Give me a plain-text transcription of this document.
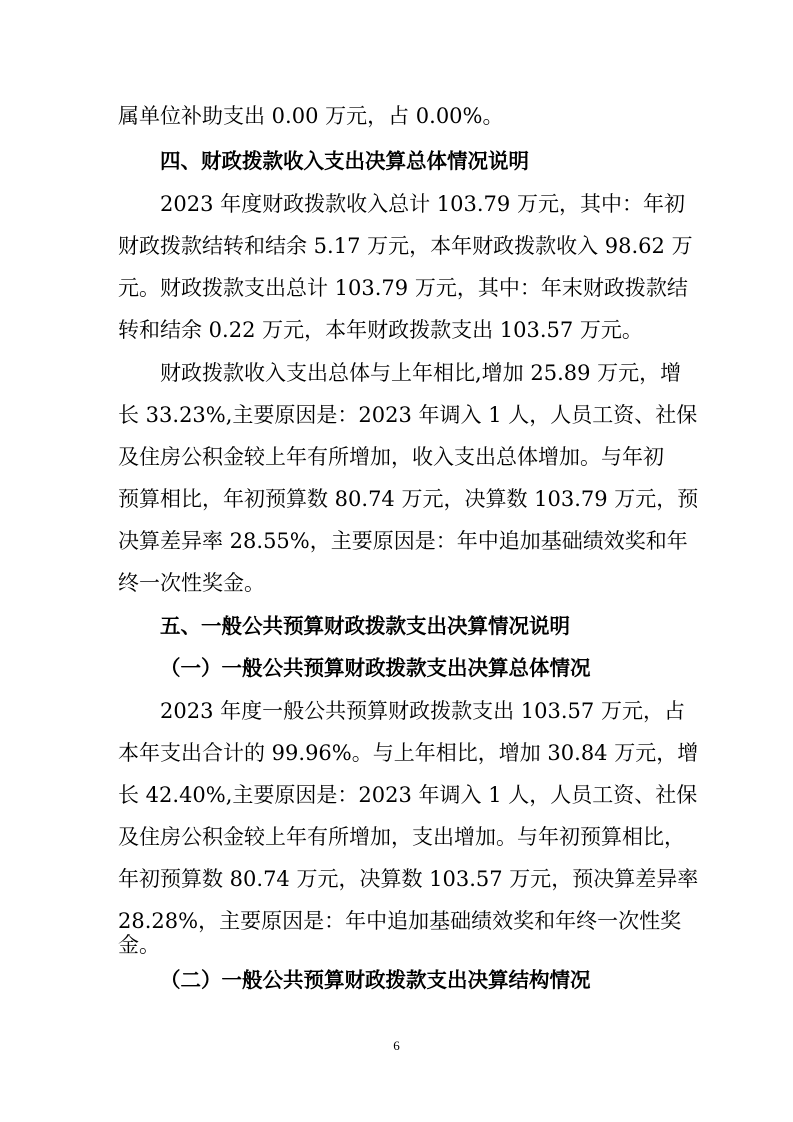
属单位补助支出 0.00 万元，占 0.00%。
四、财政拨款收入支出决算总体情况说明
2023 年度财政拨款收入总计 103.79 万元，其中：年初
财政拨款结转和结余 5.17 万元，本年财政拨款收入 98.62 万
元。财政拨款支出总计 103.79 万元，其中：年末财政拨款结
转和结余 0.22 万元，本年财政拨款支出 103.57 万元。
财政拨款收入支出总体与上年相比,增加 25.89 万元，增
长 33.23%,主要原因是：2023 年调入 1 人，人员工资、社保
及住房公积金较上年有所增加，收入支出总体增加。与年初
预算相比，年初预算数 80.74 万元，决算数 103.79 万元，预
决算差异率 28.55%，主要原因是：年中追加基础绩效奖和年
终一次性奖金。
五、一般公共预算财政拨款支出决算情况说明
（一）一般公共预算财政拨款支出决算总体情况
2023 年度一般公共预算财政拨款支出 103.57 万元，占
本年支出合计的 99.96%。与上年相比，增加 30.84 万元，增
长 42.40%,主要原因是：2023 年调入 1 人，人员工资、社保
及住房公积金较上年有所增加，支出增加。与年初预算相比，
年初预算数 80.74 万元，决算数 103.57 万元，预决算差异率
28.28%，主要原因是：年中追加基础绩效奖和年终一次性奖
金。
（二）一般公共预算财政拨款支出决算结构情况
6
